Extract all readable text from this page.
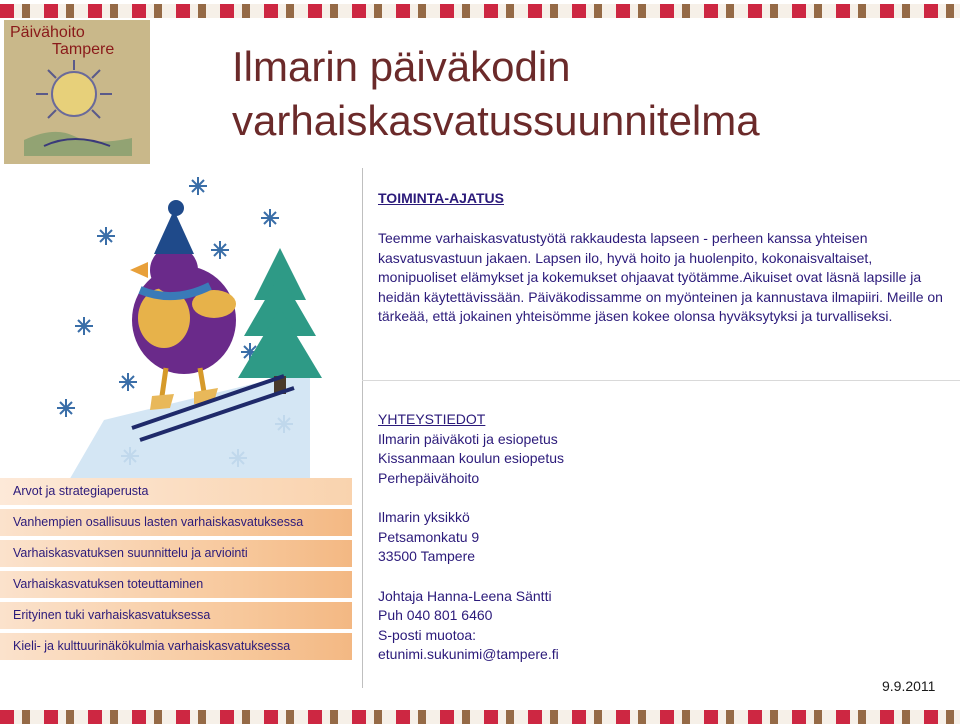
Päivähoito
Tampere	Ilmarin päiväkodin
varhaiskasvatussuunnitelma
TOIMINTA-AJATUS
Teemme varhaiskasvatustyötä rakkaudesta lapseen - perheen kanssa yhteisen kasvatusvastuun jakaen. Lapsen ilo, hyvä hoito ja huolenpito, kokonaisvaltaiset, monipuoliset elämykset ja kokemukset ohjaavat työtämme.Aikuiset ovat läsnä lapsille ja heidän käytettävissään. Päiväkodissamme on myönteinen ja kannustava ilmapiiri. Meille on tärkeää, että jokainen yhteisömme jäsen kokee olonsa hyväksytyksi ja turvalliseksi.
Arvot ja strategiaperusta
Vanhempien osallisuus lasten varhaiskasvatuksessa
Varhaiskasvatuksen suunnittelu ja arviointi
Varhaiskasvatuksen toteuttaminen
Erityinen tuki varhaiskasvatuksessa
Kieli- ja kulttuurinäkökulmia varhaiskasvatuksessa
YHTEYSTIEDOT
Ilmarin päiväkoti ja esiopetus
Kissanmaan koulun esiopetus
Perhepäivähoito
Ilmarin yksikkö
Petsamonkatu 9
33500 Tampere
Johtaja Hanna-Leena Säntti
Puh 040 801 6460
S-posti muotoa:
etunimi.sukunimi@tampere.fi
9.9.2011
